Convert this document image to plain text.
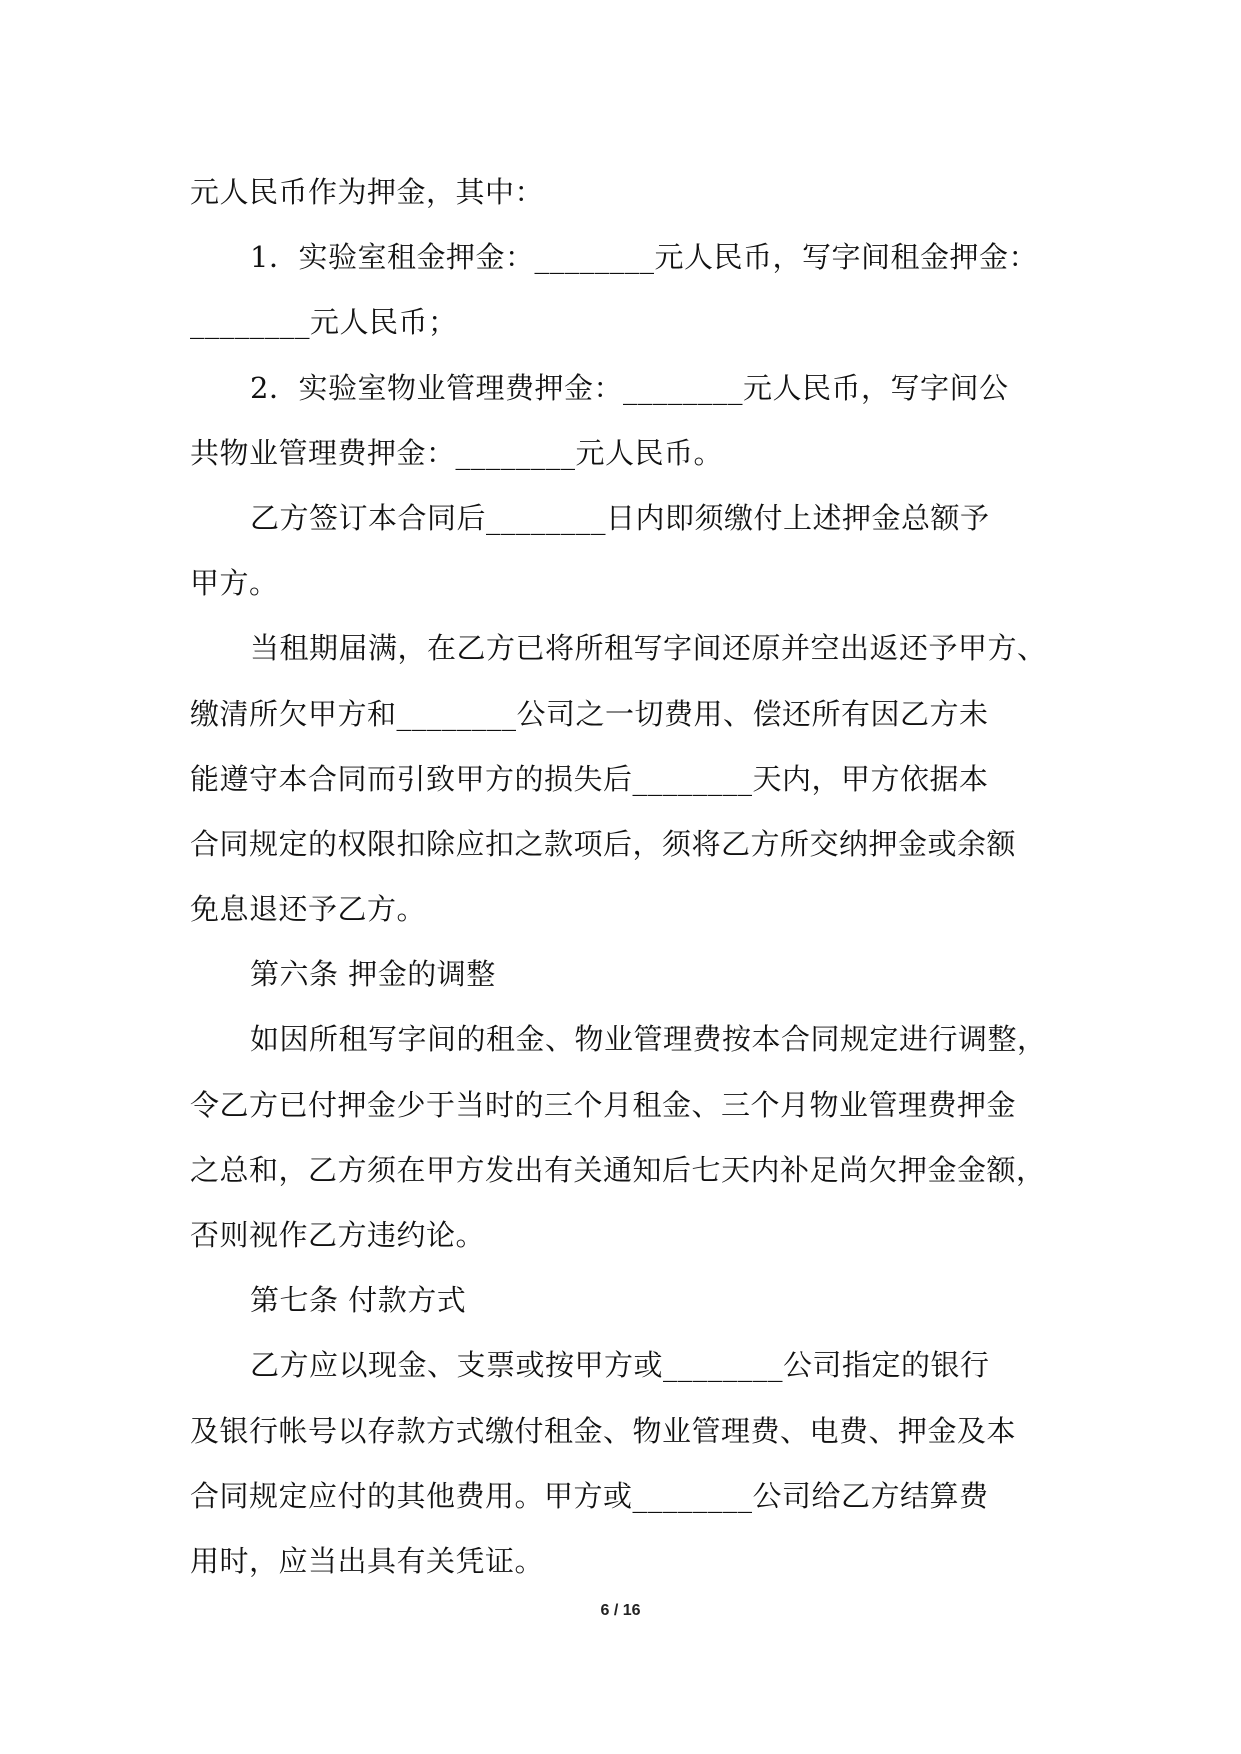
元人民币作为押金，其中：
1．实验室租金押金：________元人民币，写字间租金押金：
________元人民币；
2．实验室物业管理费押金：________元人民币，写字间公
共物业管理费押金：________元人民币。
乙方签订本合同后________日内即须缴付上述押金总额予
甲方。
当租期届满，在乙方已将所租写字间还原并空出返还予甲方、
缴清所欠甲方和________公司之一切费用、偿还所有因乙方未
能遵守本合同而引致甲方的损失后________天内，甲方依据本
合同规定的权限扣除应扣之款项后，须将乙方所交纳押金或余额
免息退还予乙方。
第六条 押金的调整
如因所租写字间的租金、物业管理费按本合同规定进行调整，
令乙方已付押金少于当时的三个月租金、三个月物业管理费押金
之总和，乙方须在甲方发出有关通知后七天内补足尚欠押金金额，
否则视作乙方违约论。
第七条 付款方式
乙方应以现金、支票或按甲方或________公司指定的银行
及银行帐号以存款方式缴付租金、物业管理费、电费、押金及本
合同规定应付的其他费用。甲方或________公司给乙方结算费
用时，应当出具有关凭证。
6 / 16
